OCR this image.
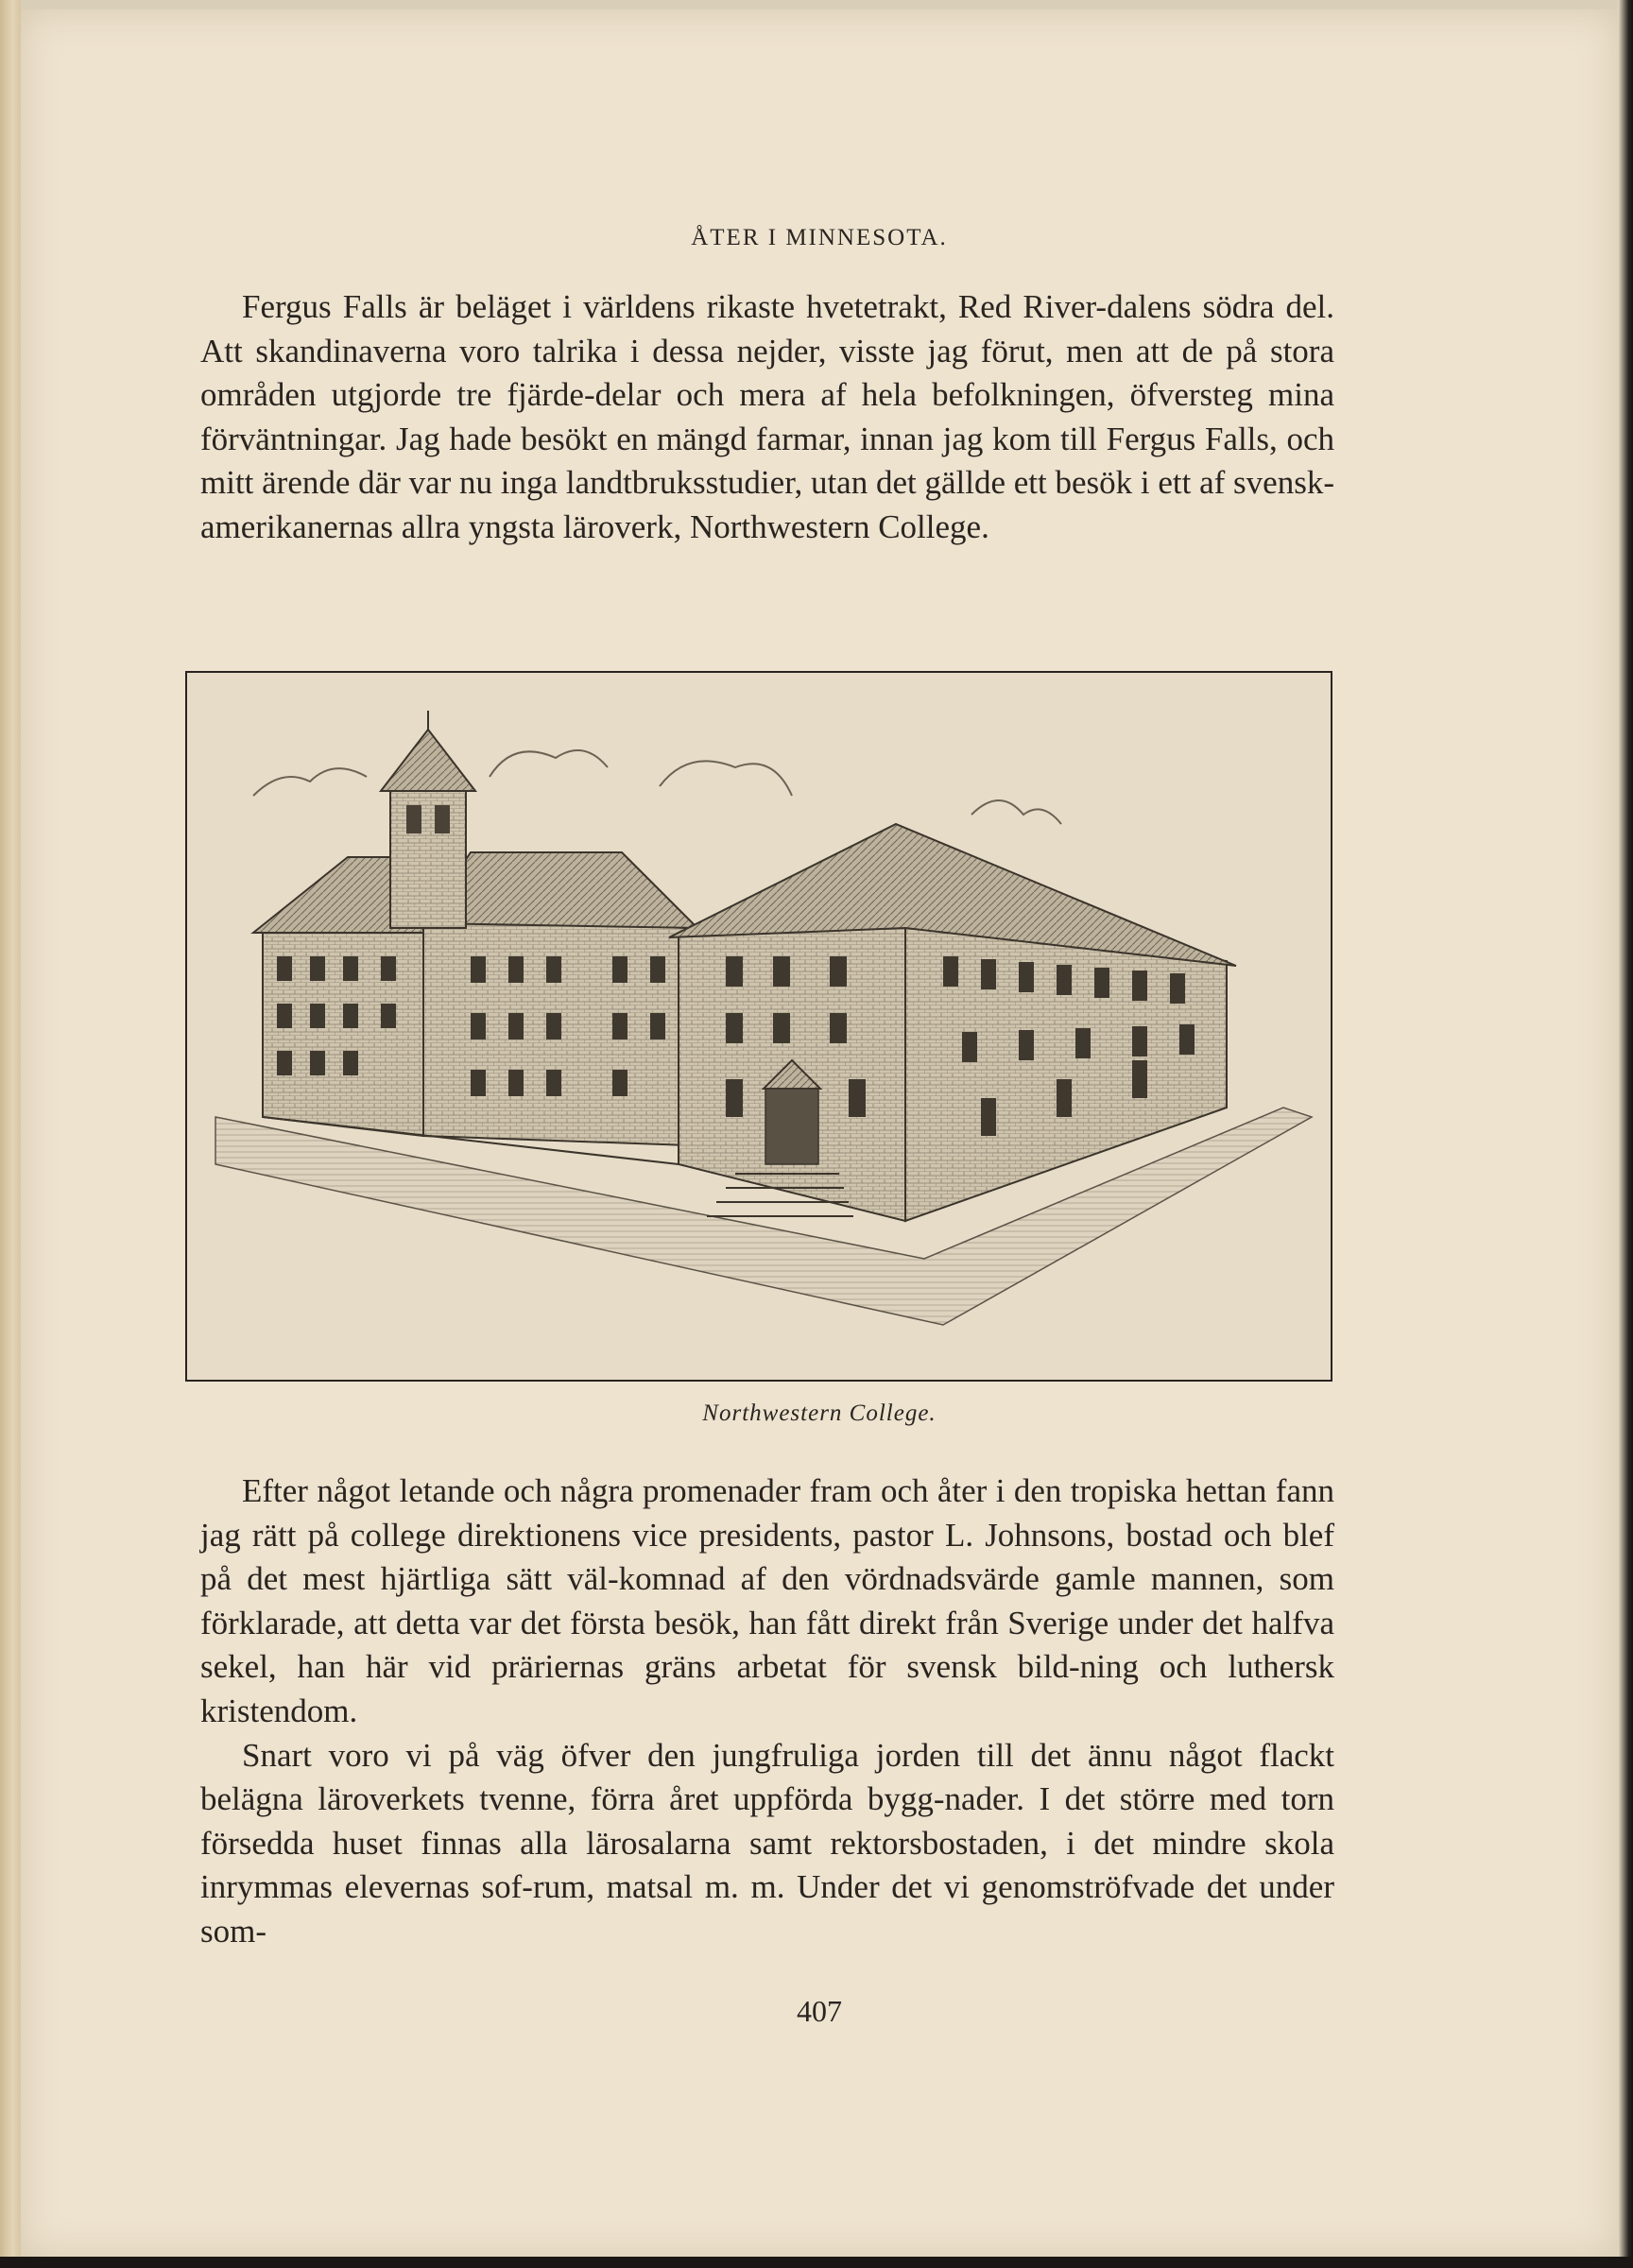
ÅTER I MINNESOTA.

Fergus Falls är beläget i världens rikaste hvetetrakt, Red River-dalens södra del. Att skandinaverna voro talrika i dessa nejder, visste jag förut, men att de på stora områden utgjorde tre fjärde-delar och mera af hela befolkningen, öfversteg mina förväntningar. Jag hade besökt en mängd farmar, innan jag kom till Fergus Falls, och mitt ärende där var nu inga landtbruksstudier, utan det gällde ett besök i ett af svensk-amerikanernas allra yngsta läroverk, Northwestern College.

Northwestern College.

Efter något letande och några promenader fram och åter i den tropiska hettan fann jag rätt på college direktionens vice presidents, pastor L. Johnsons, bostad och blef på det mest hjärtliga sätt väl-komnad af den vördnadsvärde gamle mannen, som förklarade, att detta var det första besök, han fått direkt från Sverige under det halfva sekel, han här vid präriernas gräns arbetat för svensk bild-ning och luthersk kristendom.

Snart voro vi på väg öfver den jungfruliga jorden till det ännu något flackt belägna läroverkets tvenne, förra året uppförda bygg-nader. I det större med torn försedda huset finnas alla lärosalarna samt rektorsbostaden, i det mindre skola inrymmas elevernas sof-rum, matsal m. m. Under det vi genomströfvade det under som-

407
